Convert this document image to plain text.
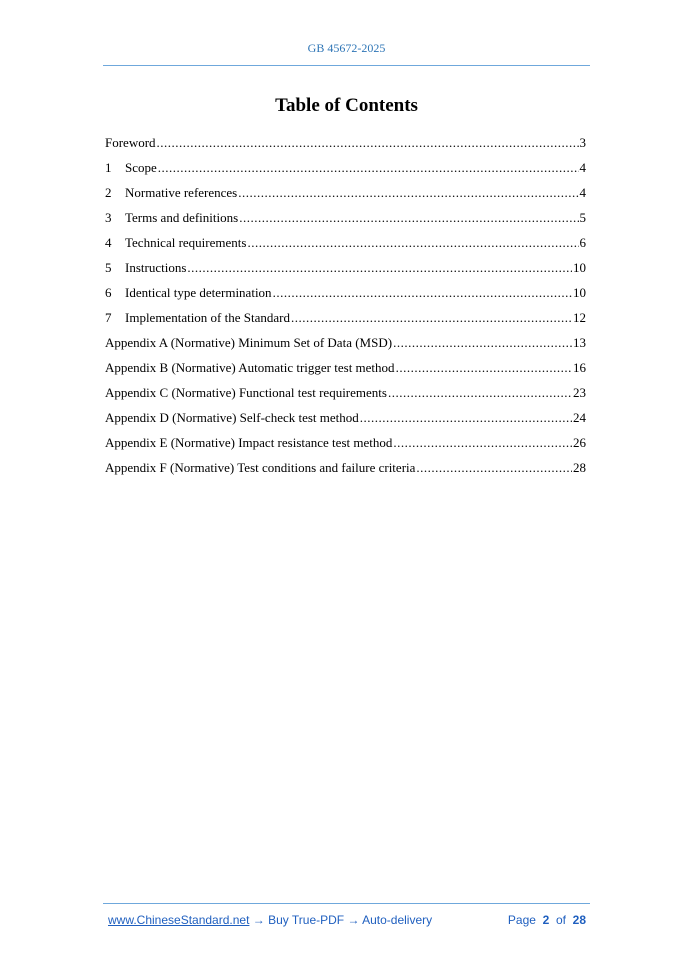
GB 45672-2025
Table of Contents
Foreword .....	3
1	Scope .....	4
2	Normative references .....	4
3	Terms and definitions .....	5
4	Technical requirements .....	6
5	Instructions .....	10
6	Identical type determination .....	10
7	Implementation of the Standard .....	12
Appendix A (Normative) Minimum Set of Data (MSD) .....	13
Appendix B (Normative) Automatic trigger test method .....	16
Appendix C (Normative) Functional test requirements .....	23
Appendix D (Normative) Self-check test method .....	24
Appendix E (Normative) Impact resistance test method .....	26
Appendix F (Normative) Test conditions and failure criteria .....	28
www.ChineseStandard.net → Buy True-PDF → Auto-delivery	Page 2 of 28
